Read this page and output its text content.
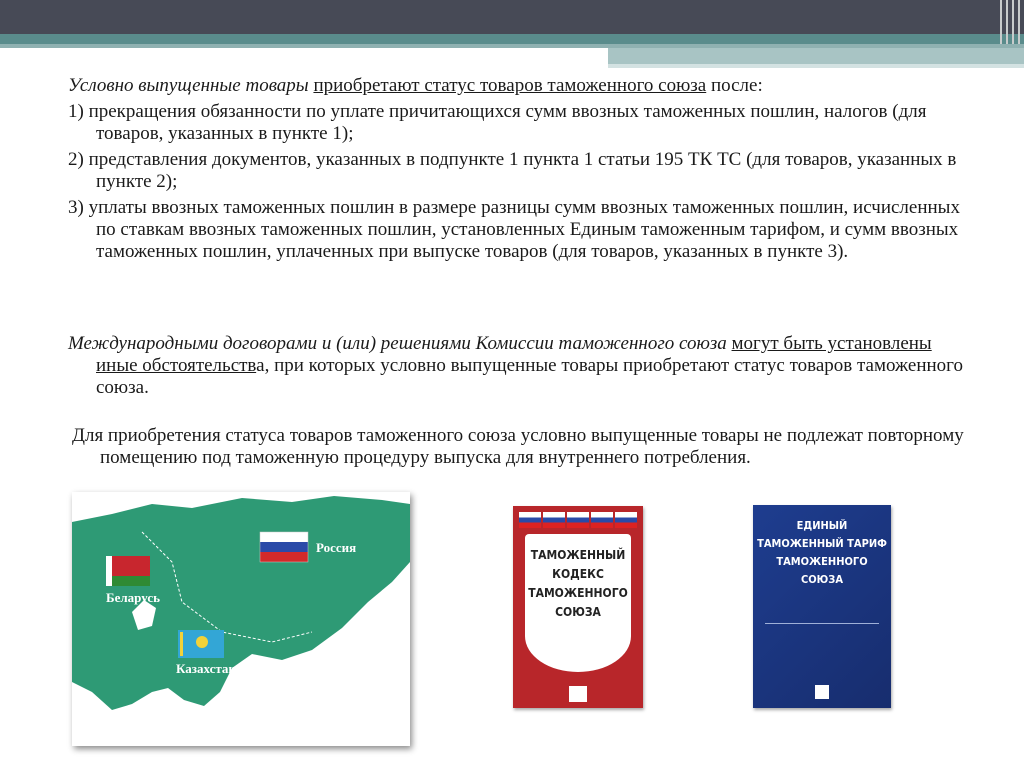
Условно выпущенные товары приобретают статус товаров таможенного союза после:

1) прекращения обязанности по уплате причитающихся сумм ввозных таможенных пошлин, налогов (для товаров, указанных в пункте 1);

2) представления документов, указанных в подпункте 1 пункта 1 статьи 195 ТК ТС (для товаров, указанных в пункте 2);

3) уплаты ввозных таможенных пошлин в размере разницы сумм ввозных таможенных пошлин, исчисленных по ставкам ввозных таможенных пошлин, установленных Единым таможенным тарифом, и сумм ввозных таможенных пошлин, уплаченных при выпуске товаров (для товаров, указанных в пункте 3).

Международными договорами и (или) решениями Комиссии таможенного союза могут быть установлены иные обстоятельства, при которых условно выпущенные товары приобретают статус товаров таможенного союза.

Для приобретения статуса товаров таможенного союза условно выпущенные товары не подлежат повторному помещению под таможенную процедуру выпуска для внутреннего потребления.

Россия
Беларусь
Казахстан
ТАМОЖЕННЫЙ
КОДЕКС
ТАМОЖЕННОГО
СОЮЗА
ЕДИНЫЙ
ТАМОЖЕННЫЙ ТАРИФ
ТАМОЖЕННОГО
СОЮЗА
